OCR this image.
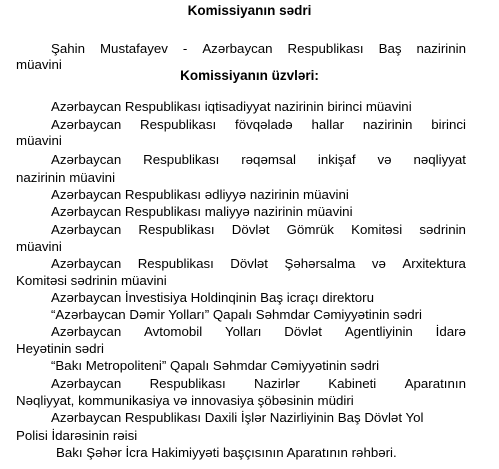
Komissiyanın sədri
Şahin Mustafayev - Azərbaycan Respublikası Baş nazirinin
müavini
Komissiyanın üzvləri:
Azərbaycan Respublikası iqtisadiyyat nazirinin birinci müavini
Azərbaycan Respublikası fövqəladə hallar nazirinin birinci
müavini
Azərbaycan Respublikası rəqəmsal inkişaf və nəqliyyat
nazirinin müavini
Azərbaycan Respublikası ədliyyə nazirinin müavini
Azərbaycan Respublikası maliyyə nazirinin müavini
Azərbaycan Respublikası Dövlət Gömrük Komitəsi sədrinin
müavini
Azərbaycan Respublikası Dövlət Şəhərsalma və Arxitektura
Komitəsi sədrinin müavini
Azərbaycan İnvestisiya Holdinqinin Baş icraçı direktoru
“Azərbaycan Dəmir Yolları” Qapalı Səhmdar Cəmiyyətinin sədri
Azərbaycan Avtomobil Yolları Dövlət Agentliyinin İdarə
Heyətinin sədri
“Bakı Metropoliteni” Qapalı Səhmdar Cəmiyyətinin sədri
Azərbaycan Respublikası Nazirlər Kabineti Aparatının
Nəqliyyat, kommunikasiya və innovasiya şöbəsinin müdiri
Azərbaycan Respublikası Daxili İşlər Nazirliyinin Baş Dövlət Yol
Polisi İdarəsinin rəisi
Bakı Şəhər İcra Hakimiyyəti başçısının Aparatının rəhbəri.
